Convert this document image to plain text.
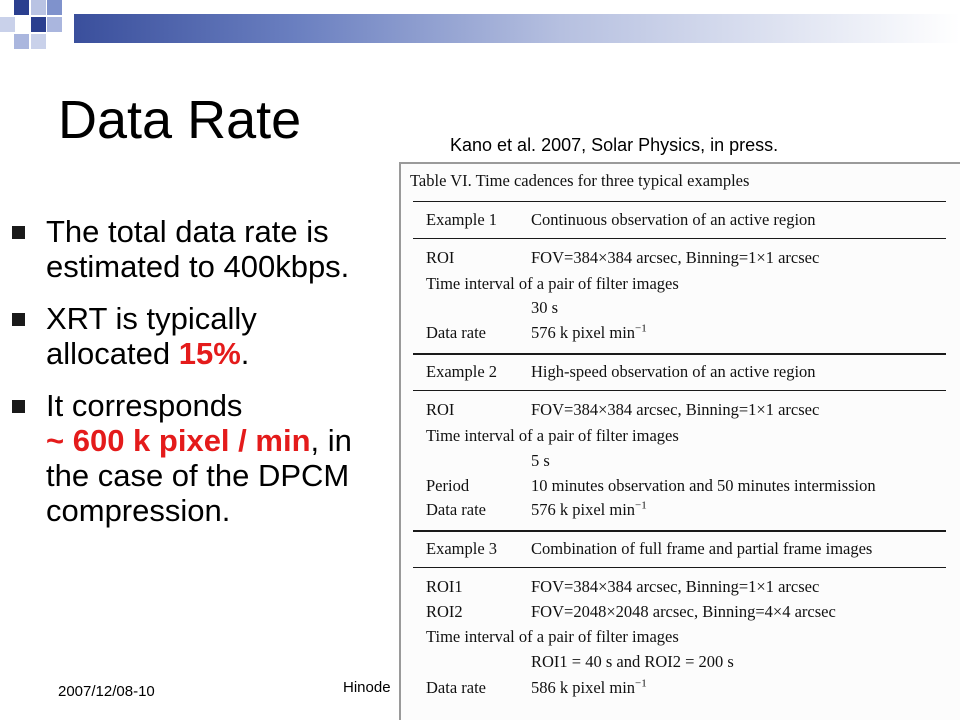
Data Rate	Kano et al. 2007, Solar Physics, in press.
The total data rate is estimated to 400kbps.
XRT is typically allocated 15%.
It corresponds
~ 600 k pixel / min, in the case of the DPCM compression.
2007/12/08-10	Hinode
Table VI. Time cadences for three typical examples
Example 1 Continuous observation of an active region
ROI	FOV=384×384 arcsec, Binning=1×1 arcsec
Time interval of a pair of filter images
30 s
Data rate	576 k pixel $\min^{-1}$
Example 2 High-speed observation of an active region
ROI	FOV=384×384 arcsec, Binning=1×1 arcsec
Time interval of a pair of filter images
5 s
Period	10 minutes observation and 50 minutes intermission
Data rate	576 k pixel $\min^{-1}$
Example 3 Combination of full frame and partial frame images
ROI1	FOV=384×384 arcsec, Binning=1×1 arcsec
ROI2	FOV=2048×2048 arcsec, Binning=4×4 arcsec
Time interval of a pair of filter images
ROI1 = 40 s and ROI2 = 200 s
Data rate	586 k pixel $\min^{-1}$
